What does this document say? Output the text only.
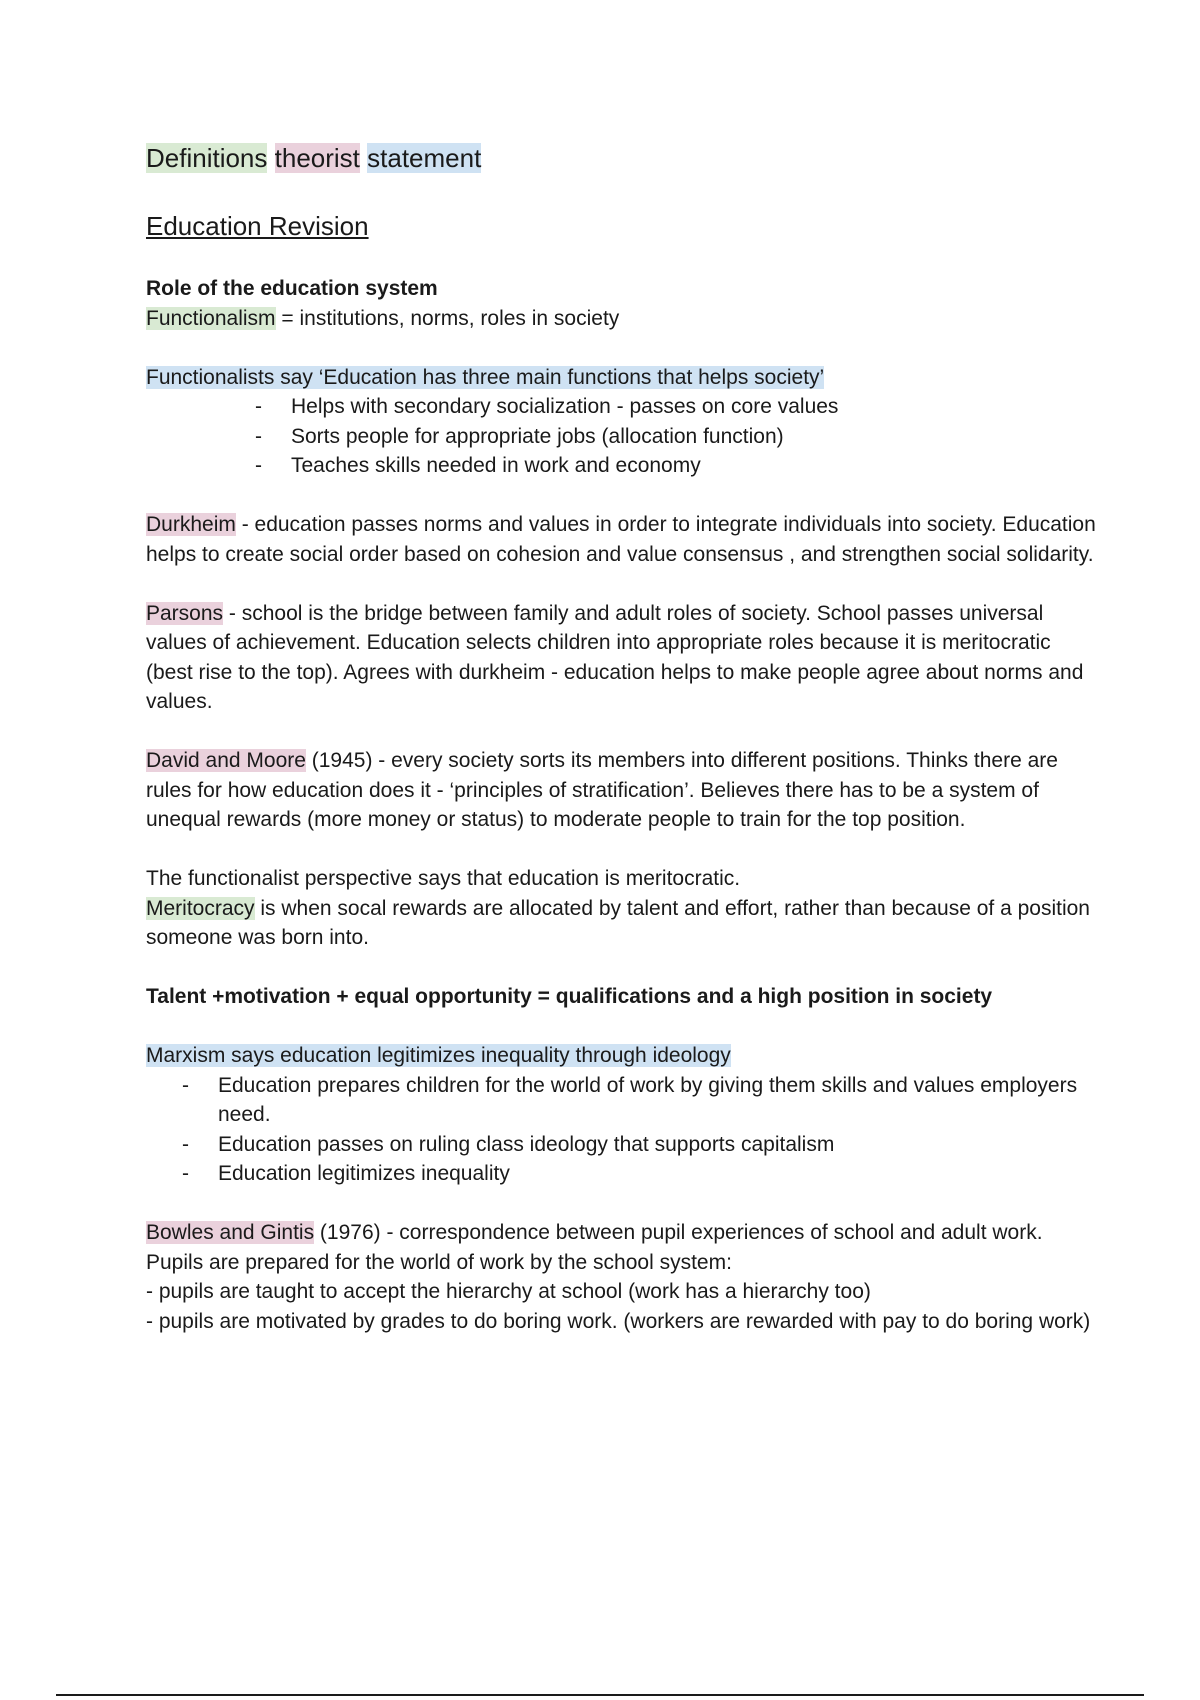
Definitions theorist statement
Education Revision

Role of the education system

Functionalism = institutions, norms, roles in society

Functionalists say ‘Education has three main functions that helps society’

- Helps with secondary socialization - passes on core values
- Sorts people for appropriate jobs (allocation function)
- Teaches skills needed in work and economy

Durkheim - education passes norms and values in order to integrate individuals into society. Education helps to create social order based on cohesion and value consensus , and strengthen social solidarity.

Parsons - school is the bridge between family and adult roles of society. School passes universal values of achievement. Education selects children into appropriate roles because it is meritocratic (best rise to the top). Agrees with durkheim - education helps to make people agree about norms and values.

David and Moore (1945) - every society sorts its members into different positions. Thinks there are rules for how education does it - ‘principles of stratification’. Believes there has to be a system of unequal rewards (more money or status) to moderate people to train for the top position.

The functionalist perspective says that education is meritocratic.

Meritocracy is when socal rewards are allocated by talent and effort, rather than because of a position someone was born into.

Talent +motivation + equal opportunity = qualifications and a high position in society

Marxism says education legitimizes inequality through ideology

- Education prepares children for the world of work by giving them skills and values employers need.
- Education passes on ruling class ideology that supports capitalism
- Education legitimizes inequality

Bowles and Gintis (1976) - correspondence between pupil experiences of school and adult work. Pupils are prepared for the world of work by the school system:

- pupils are taught to accept the hierarchy at school (work has a hierarchy too)

- pupils are motivated by grades to do boring work. (workers are rewarded with pay to do boring work)
